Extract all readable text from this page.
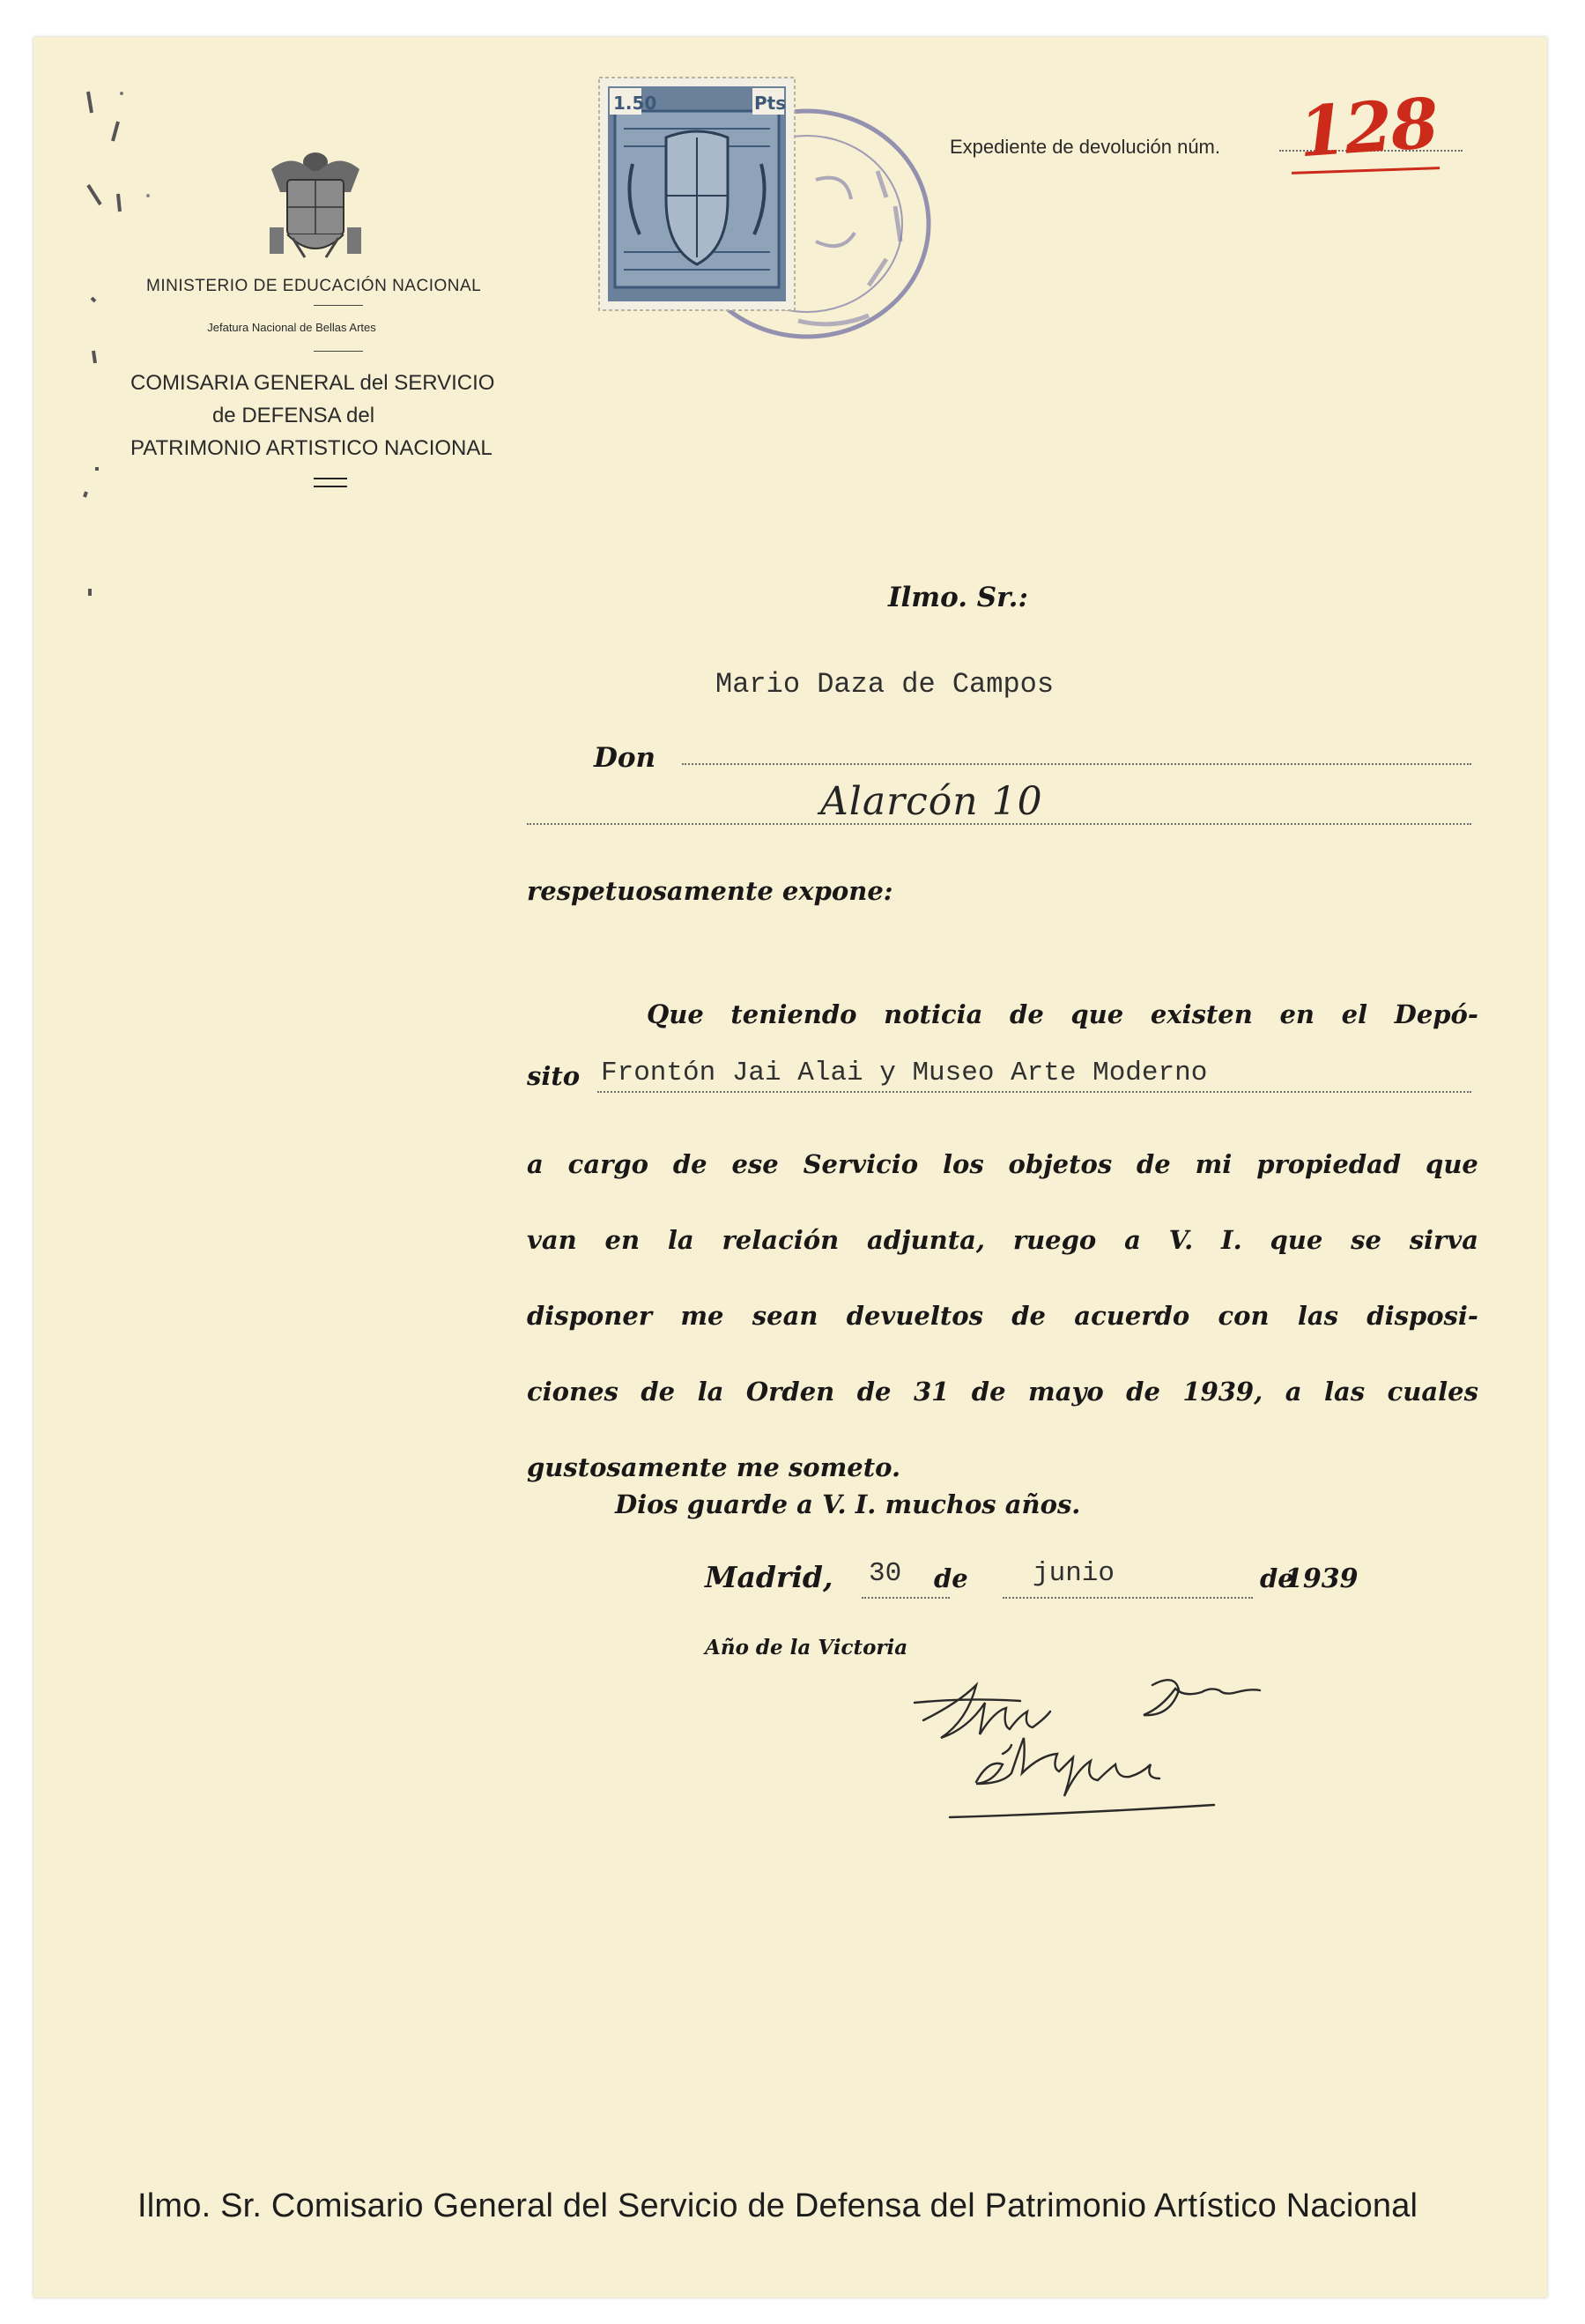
MINISTERIO DE EDUCACIÓN NACIONAL
Jefatura Nacional de Bellas Artes
COMISARIA GENERAL del SERVICIO
de DEFENSA del
PATRIMONIO ARTISTICO NACIONAL
1.50	Pts
Expediente de devolución núm. 128
Ilmo. Sr.:
Mario Daza de Campos
Don
Alarcón 10
respetuosamente expone:
Que teniendo noticia de que existen en el Depó-
sito Frontón Jai Alai y Museo Arte Moderno
a cargo de ese Servicio los objetos de mi propiedad que
van en la relación adjunta, ruego a V. I. que se sirva
disponer me sean devueltos de acuerdo con las disposi-
ciones de la Orden de 31 de mayo de 1939, a las cuales
gustosamente me someto.
Dios guarde a V. I. muchos años.
Madrid, 30 de junio	de
1939
Año de la Victoria
Ilmo. Sr. Comisario General del Servicio de Defensa del Patrimonio Artístico Nacional
